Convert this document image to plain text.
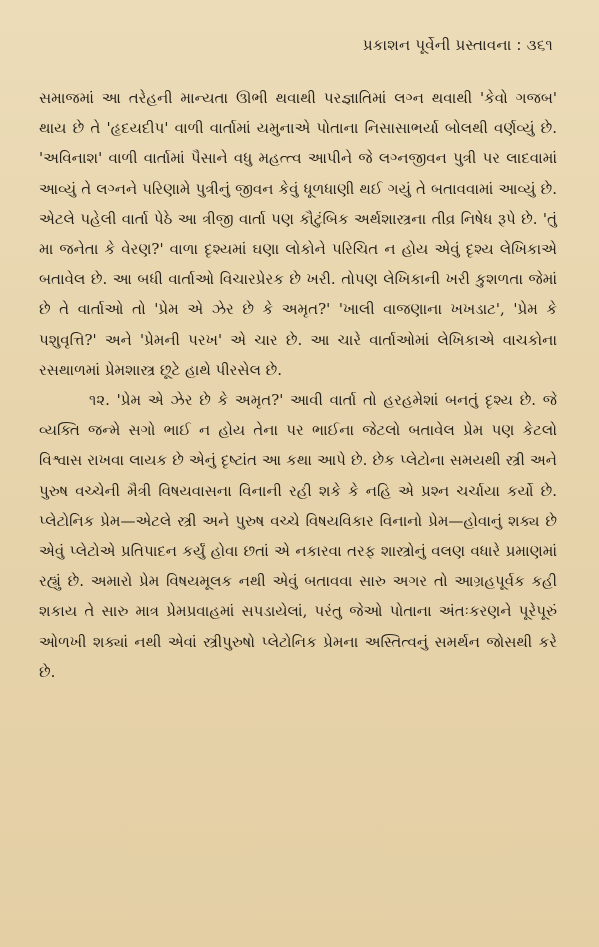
પ્રકાશન પૂર્વેની પ્રસ્તાવના : ૩૬૧

સમાજમાં આ તરેહની માન્યતા ઊભી થવાથી પરજ્ઞાતિમાં લગ્ન થવાથી 'કેવો ગજબ' થાય છે તે 'હૃદયદીપ' વાળી વાર્તામાં યમુનાએ પોતાના નિસાસાભર્યા બોલથી વર્ણવ્યું છે. 'અવિનાશ' વાળી વાર્તામાં પૈસાને વધુ મહત્ત્વ આપીને જે લગ્નજીવન પુત્રી પર લાદવામાં આવ્યું તે લગ્નને પરિણામે પુત્રીનું જીવન કેવું ધૂળધાણી થઈ ગયું તે બતાવવામાં આવ્યું છે. એટલે પહેલી વાર્તા પેઠે આ ત્રીજી વાર્તા પણ કૌટુંબિક અર્થશાસ્ત્રના તીવ્ર નિષેધ રૂપે છે. 'તું મા જનેતા કે વેરણ?' વાળા દૃશ્યમાં ઘણા લોકોને પરિચિત ન હોય એવું દૃશ્ય લેખિકાએ બતાવેલ છે. આ બધી વાર્તાઓ વિચારપ્રેરક છે ખરી. તોપણ લેખિકાની ખરી કુશળતા જેમાં છે તે વાર્તાઓ તો 'પ્રેમ એ ઝેર છે કે અમૃત?' 'ખાલી વાજણાના ખખડાટ', 'પ્રેમ કે પશુવૃત્તિ?' અને 'પ્રેમની પરખ' એ ચાર છે. આ ચારે વાર્તાઓમાં લેખિકાએ વાચકોના રસથાળમાં પ્રેમશાસ્ત્ર છૂટે હાથે પીરસેલ છે.

૧૨. 'પ્રેમ એ ઝેર છે કે અમૃત?' આવી વાર્તા તો હરહમેશાં બનતું દૃશ્ય છે. જે વ્યક્તિ જન્મે સગો ભાઈ ન હોય તેના પર ભાઈના જેટલો બતાવેલ પ્રેમ પણ કેટલો વિશ્વાસ રાખવા લાયક છે એનું દૃષ્ટાંત આ કથા આપે છે. છેક પ્લેટોના સમયથી સ્ત્રી અને પુરુષ વચ્ચેની મૈત્રી વિષયવાસના વિનાની રહી શકે કે નહિ એ પ્રશ્ન ચર્ચાયા કર્યો છે. પ્લેટોનિક પ્રેમ—એટલે સ્ત્રી અને પુરુષ વચ્ચે વિષયવિકાર વિનાનો પ્રેમ—હોવાનું શક્ય છે એવું પ્લેટોએ પ્રતિપાદન કર્યું હોવા છતાં એ નકારવા તરફ શાસ્ત્રોનું વલણ વધારે પ્રમાણમાં રહ્યું છે. અમારો પ્રેમ વિષયમૂલક નથી એવું બતાવવા સારુ અગર તો આગ્રહપૂર્વક કહી શકાય તે સારુ માત્ર પ્રેમપ્રવાહમાં સપડાયેલાં, પરંતુ જેઓ પોતાના અંતઃકરણને પૂરેપૂરું ઓળખી શક્યાં નથી એવાં સ્ત્રીપુરુષો પ્લેટોનિક પ્રેમના અસ્તિત્વનું સમર્થન જોસથી કરે છે.
